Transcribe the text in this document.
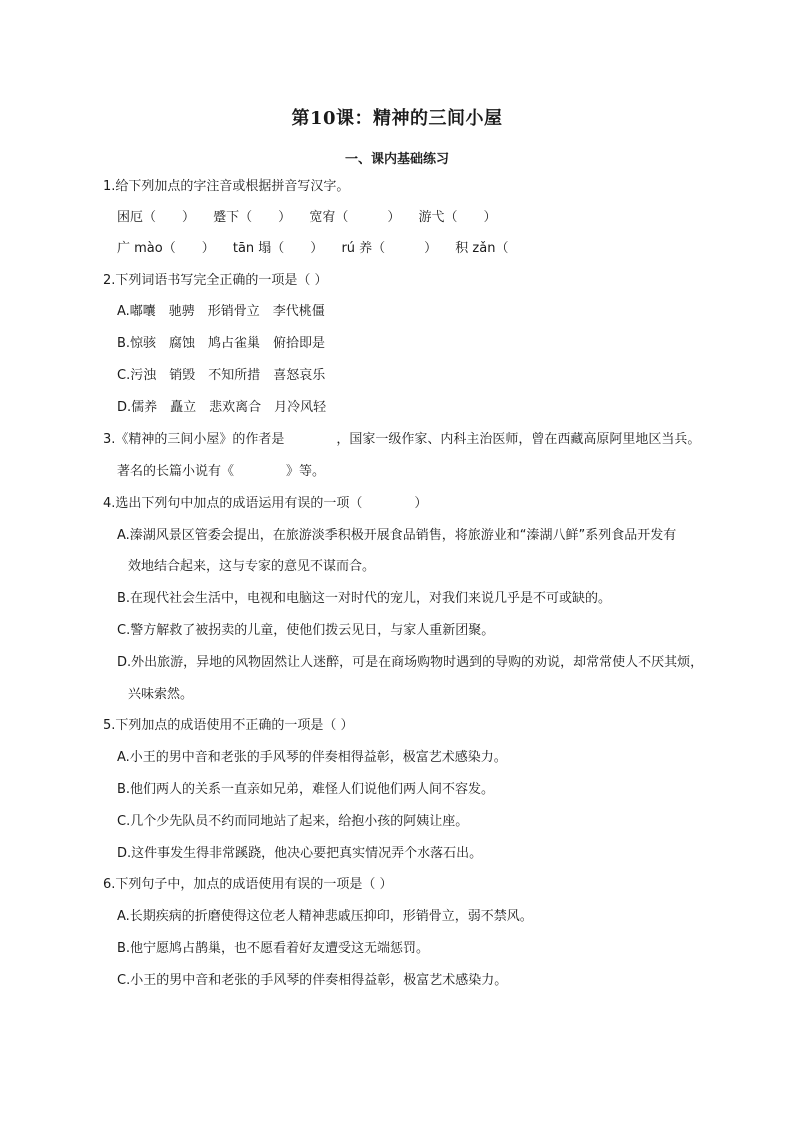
第10课：精神的三间小屋
一、课内基础练习
1.给下列加点的字注音或根据拼音写汉字。
困厄（　　） 蹙下（　　） 宽宥（　　　） 游弋（　　）
广 mào（　　） tān 塌（　　） rú 养（　　　） 积 zǎn（
2.下列词语书写完全正确的一项是（ ）
A.嘟囔　驰骋　形销骨立　李代桃僵
B.惊骇　腐蚀　鸠占雀巢　俯拾即是
C.污浊　销毁　不知所措　喜怒哀乐
D.儒养　矗立　悲欢离合　月冷风轻
3.《精神的三间小屋》的作者是　　　　，国家一级作家、内科主治医师，曾在西藏高原阿里地区当兵。
著名的长篇小说有《　　　　》等。
4.选出下列句中加点的成语运用有误的一项（　　　　）
A.溱湖风景区管委会提出，在旅游淡季积极开展食品销售，将旅游业和“溱湖八鲜”系列食品开发有
效地结合起来，这与专家的意见不谋而合。
B.在现代社会生活中，电视和电脑这一对时代的宠儿，对我们来说几乎是不可或缺的。
C.警方解救了被拐卖的儿童，使他们拨云见日，与家人重新团聚。
D.外出旅游，异地的风物固然让人迷醉，可是在商场购物时遇到的导购的劝说，却常常使人不厌其烦，
兴味索然。
5.下列加点的成语使用不正确的一项是（ ）
A.小王的男中音和老张的手风琴的伴奏相得益彰，极富艺术感染力。
B.他们两人的关系一直亲如兄弟，难怪人们说他们两人间不容发。
C.几个少先队员不约而同地站了起来，给抱小孩的阿姨让座。
D.这件事发生得非常蹊跷，他决心要把真实情况弄个水落石出。
6.下列句子中，加点的成语使用有误的一项是（ ）
A.长期疾病的折磨使得这位老人精神悲戚压抑印，形销骨立，弱不禁风。
B.他宁愿鸠占鹊巢，也不愿看着好友遭受这无端惩罚。
C.小王的男中音和老张的手风琴的伴奏相得益彰，极富艺术感染力。
